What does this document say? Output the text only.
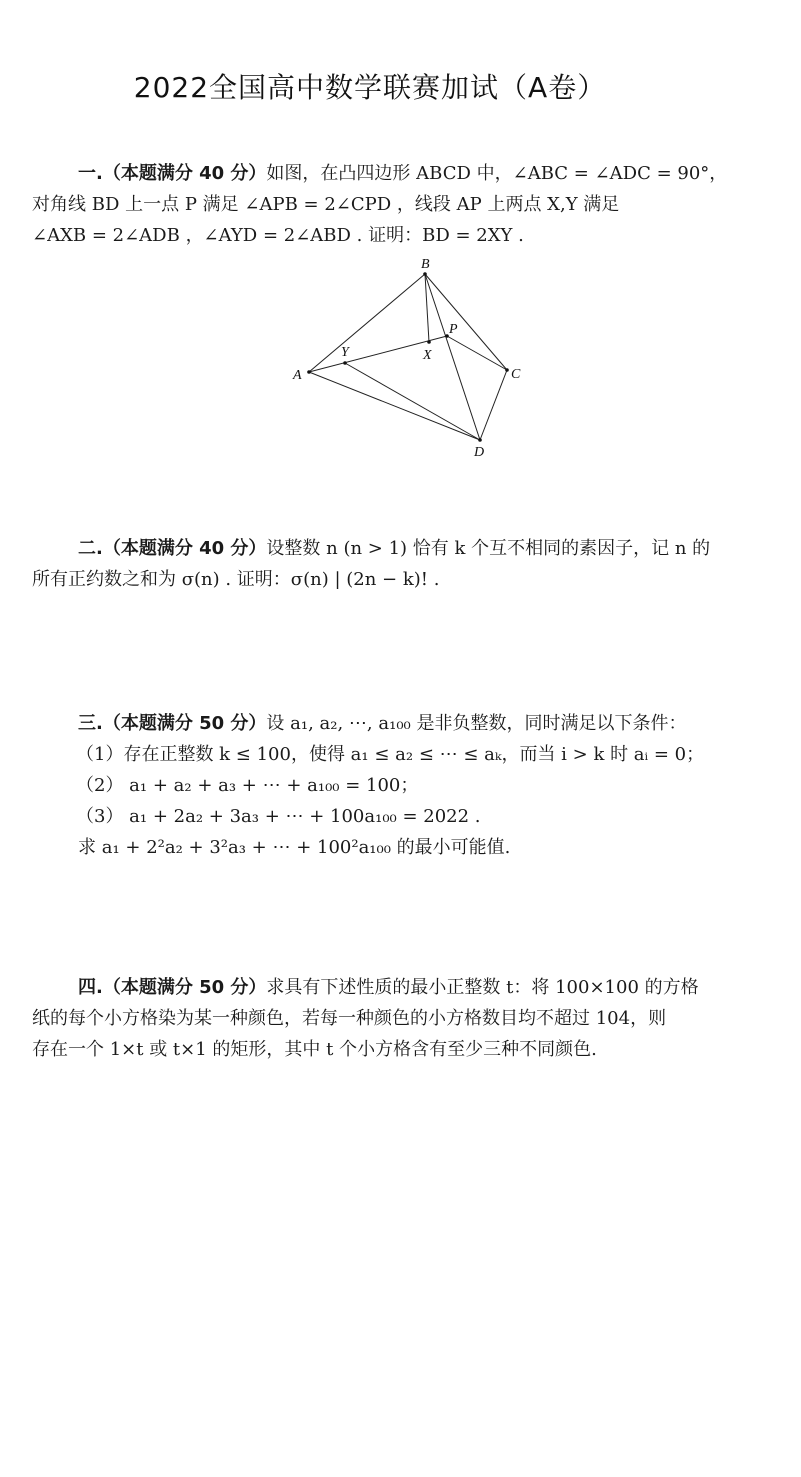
2022全国高中数学联赛加试（A卷）
一.（本题满分 40 分）如图，在凸四边形 ABCD 中，∠ABC = ∠ADC = 90°，
对角线 BD 上一点 P 满足 ∠APB = 2∠CPD ，线段 AP 上两点 X,Y 满足
∠AXB = 2∠ADB ，∠AYD = 2∠ABD . 证明：BD = 2XY .
B
P
Y	X
A	C
D
二.（本题满分 40 分）设整数 n (n > 1) 恰有 k 个互不相同的素因子，记 n 的
所有正约数之和为 σ(n) . 证明：σ(n) | (2n − k)! .
三.（本题满分 50 分）设 a₁, a₂, ⋯, a₁₀₀ 是非负整数，同时满足以下条件：
（1）存在正整数 k ≤ 100，使得 a₁ ≤ a₂ ≤ ⋯ ≤ aₖ，而当 i > k 时 aᵢ = 0；
（2） a₁ + a₂ + a₃ + ⋯ + a₁₀₀ = 100；
（3） a₁ + 2a₂ + 3a₃ + ⋯ + 100a₁₀₀ = 2022 .
求 a₁ + 2²a₂ + 3²a₃ + ⋯ + 100²a₁₀₀ 的最小可能值.
四.（本题满分 50 分）求具有下述性质的最小正整数 t：将 100×100 的方格
纸的每个小方格染为某一种颜色，若每一种颜色的小方格数目均不超过 104，则
存在一个 1×t 或 t×1 的矩形，其中 t 个小方格含有至少三种不同颜色.
